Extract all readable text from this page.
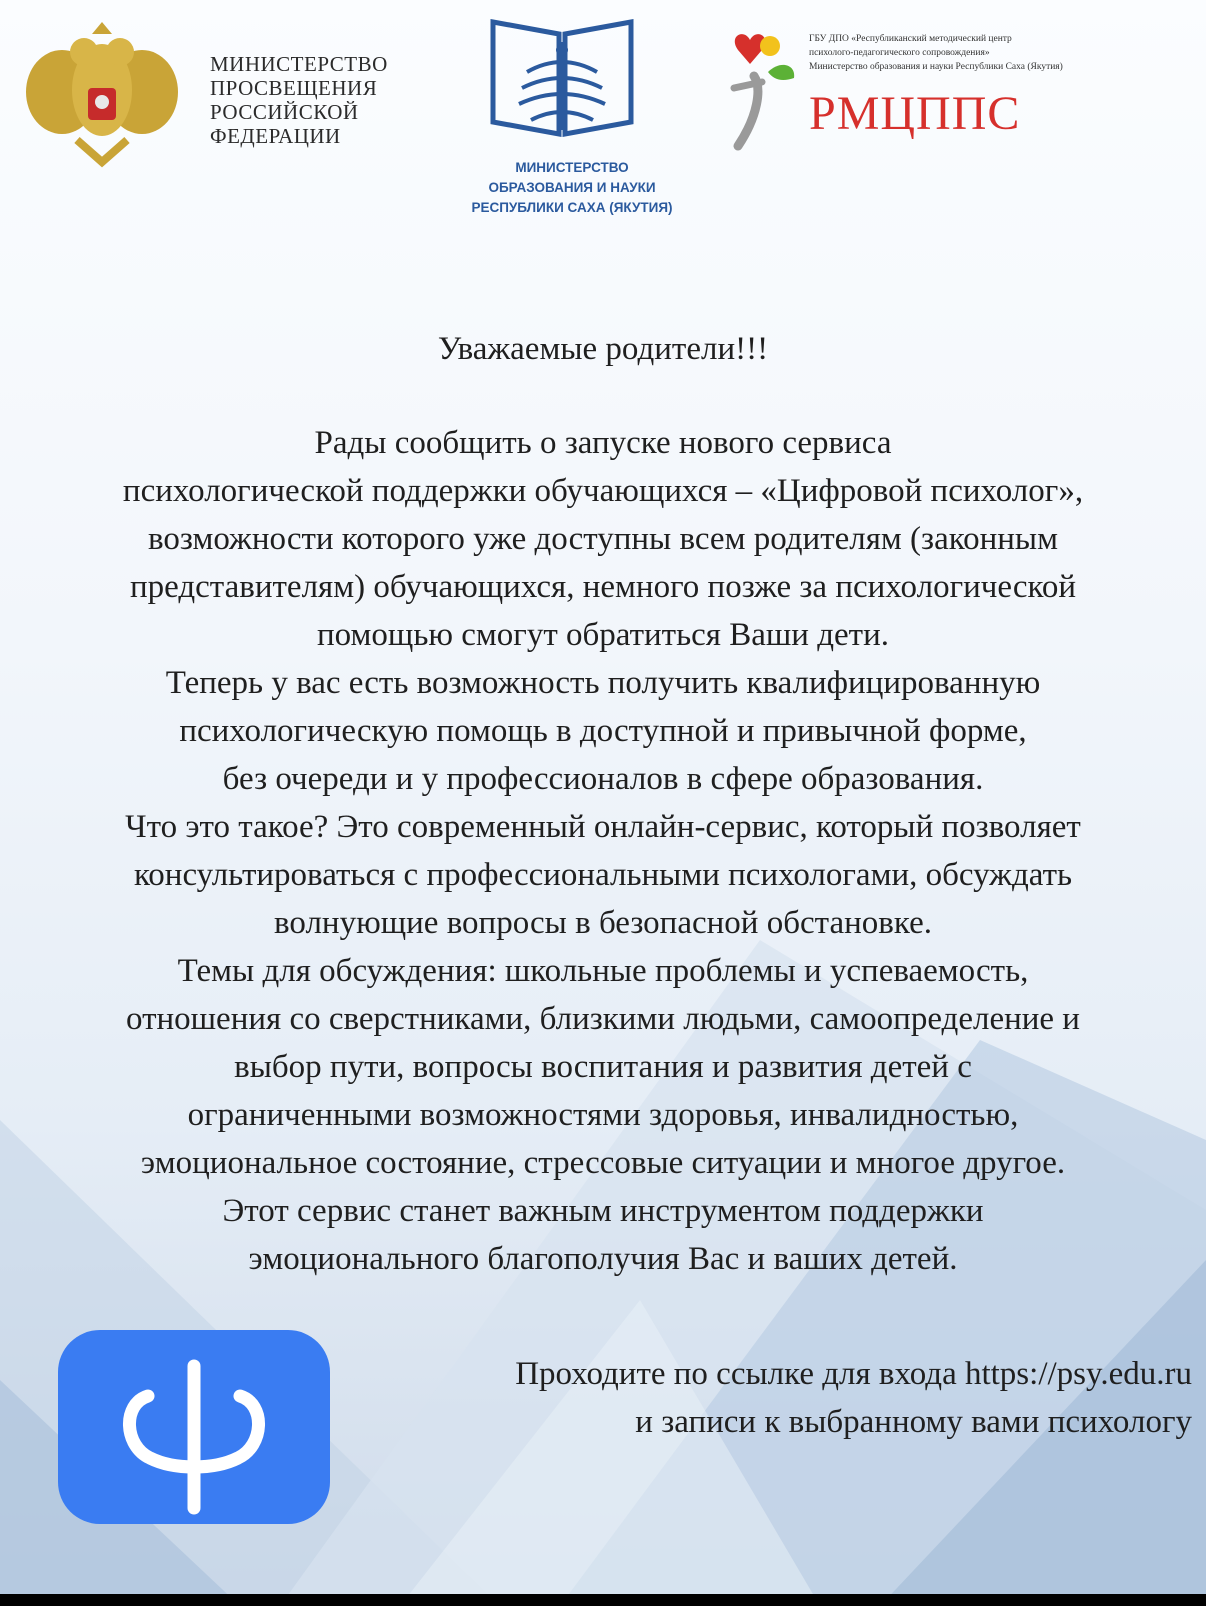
МИНИСТЕРСТВО
ПРОСВЕЩЕНИЯ
РОССИЙСКОЙ
ФЕДЕРАЦИИ
МИНИСТЕРСТВО
ОБРАЗОВАНИЯ И НАУКИ
РЕСПУБЛИКИ САХА (ЯКУТИЯ)
ГБУ ДПО «Республиканский методический центр
психолого-педагогического сопровождения»
Министерство образования и науки Республики Саха (Якутия)
РМЦППС
Уважаемые родители!!!

Рады сообщить о запуске нового сервиса

психологической поддержки обучающихся – «Цифровой психолог»,

возможности которого уже доступны всем родителям (законным

представителям) обучающихся, немного позже за психологической

помощью смогут обратиться Ваши дети.

Теперь у вас есть возможность получить квалифицированную

психологическую помощь в доступной и привычной форме,

без очереди и у профессионалов в сфере образования.

Что это такое? Это современный онлайн-сервис, который позволяет

консультироваться с профессиональными психологами, обсуждать

волнующие вопросы в безопасной обстановке.

Темы для обсуждения: школьные проблемы и успеваемость,

отношения со сверстниками, близкими людьми, самоопределение и

выбор пути, вопросы воспитания и развития детей с

ограниченными возможностями здоровья, инвалидностью,

эмоциональное состояние, стрессовые ситуации и многое другое.

Этот сервис станет важным инструментом поддержки

эмоционального благополучия Вас и ваших детей.

Проходите по ссылке для входа https://psy.edu.ru
и записи к выбранному вами психологу
